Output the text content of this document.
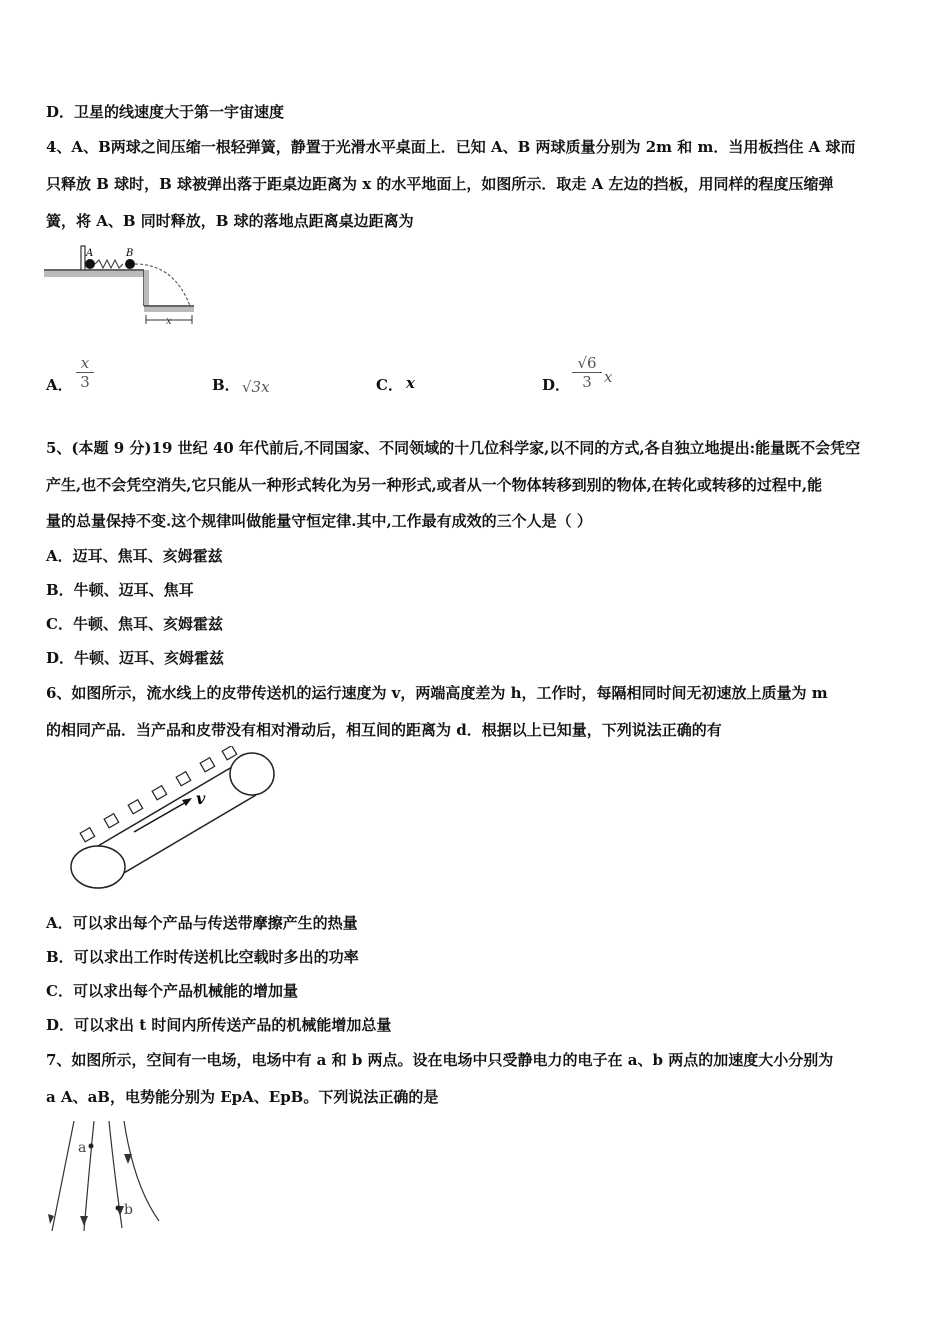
D．卫星的线速度大于第一宇宙速度
4、A、B两球之间压缩一根轻弹簧，静置于光滑水平桌面上．已知 A、B 两球质量分别为 2m 和 m．当用板挡住 A 球而
只释放 B 球时，B 球被弹出落于距桌边距离为 x 的水平地面上，如图所示．取走 A 左边的挡板，用同样的程度压缩弹
簧，将 A、B 同时释放，B 球的落地点距离桌边距离为
A	B
x
A． $\frac{x}{3}$	B． √3x	C． x	D． $\frac{√6}{3}$ x
5、(本题 9 分)19 世纪 40 年代前后,不同国家、不同领域的十几位科学家,以不同的方式,各自独立地提出:能量既不会凭空
产生,也不会凭空消失,它只能从一种形式转化为另一种形式,或者从一个物体转移到别的物体,在转化或转移的过程中,能
量的总量保持不变.这个规律叫做能量守恒定律.其中,工作最有成效的三个人是（ ）
A．迈耳、焦耳、亥姆霍兹
B．牛顿、迈耳、焦耳
C．牛顿、焦耳、亥姆霍兹
D．牛顿、迈耳、亥姆霍兹
6、如图所示，流水线上的皮带传送机的运行速度为 v，两端高度差为 h，工作时，每隔相同时间无初速放上质量为 m
的相同产品．当产品和皮带没有相对滑动后，相互间的距离为 d．根据以上已知量，下列说法正确的有
v
A．可以求出每个产品与传送带摩擦产生的热量
B．可以求出工作时传送机比空载时多出的功率
C．可以求出每个产品机械能的增加量
D．可以求出 t 时间内所传送产品的机械能增加总量
7、如图所示，空间有一电场，电场中有 a 和 b 两点。设在电场中只受静电力的电子在 a、b 两点的加速度大小分别为
a A、aB，电势能分别为 EpA、EpB。下列说法正确的是
a
b
